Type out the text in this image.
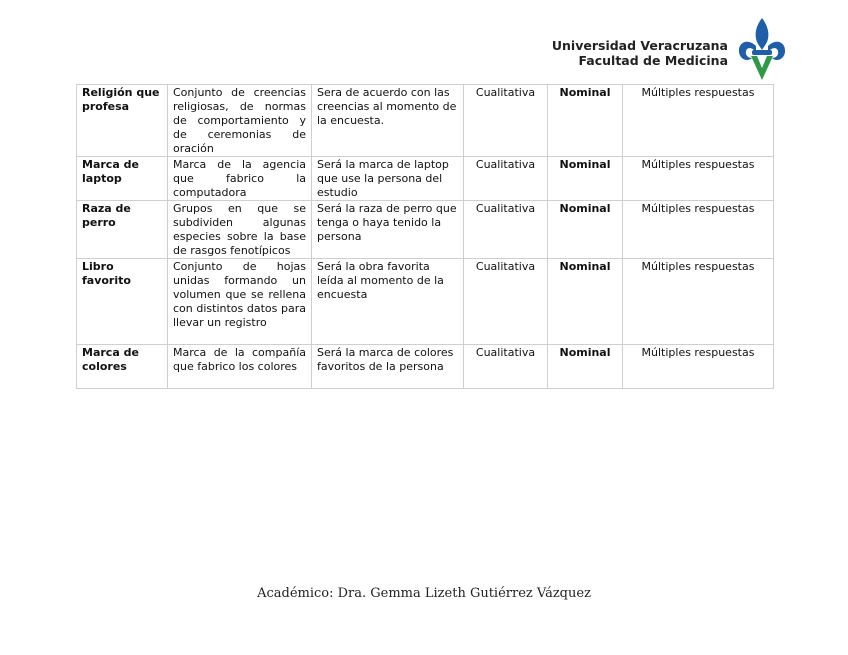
Universidad Veracruzana
Facultad de Medicina
Religión que profesa	Conjunto de creencias religiosas, de normas de comportamiento y de ceremonias de oración	Sera de acuerdo con las creencias al momento de la encuesta.	Cualitativa	Nominal	Múltiples respuestas
Marca de laptop	Marca de la agencia que fabrico la computadora	Será la marca de laptop que use la persona del estudio	Cualitativa	Nominal	Múltiples respuestas
Raza de perro	Grupos en que se subdividen algunas especies sobre la base de rasgos fenotípicos	Será la raza de perro que tenga o haya tenido la persona	Cualitativa	Nominal	Múltiples respuestas
Libro favorito	Conjunto de hojas unidas formando un volumen que se rellena con distintos datos para llevar un registro	Será la obra favorita leída al momento de la encuesta	Cualitativa	Nominal	Múltiples respuestas
Marca de colores	Marca de la compañía que fabrico los colores	Será la marca de colores favoritos de la persona	Cualitativa	Nominal	Múltiples respuestas
Académico: Dra. Gemma Lizeth Gutiérrez Vázquez
